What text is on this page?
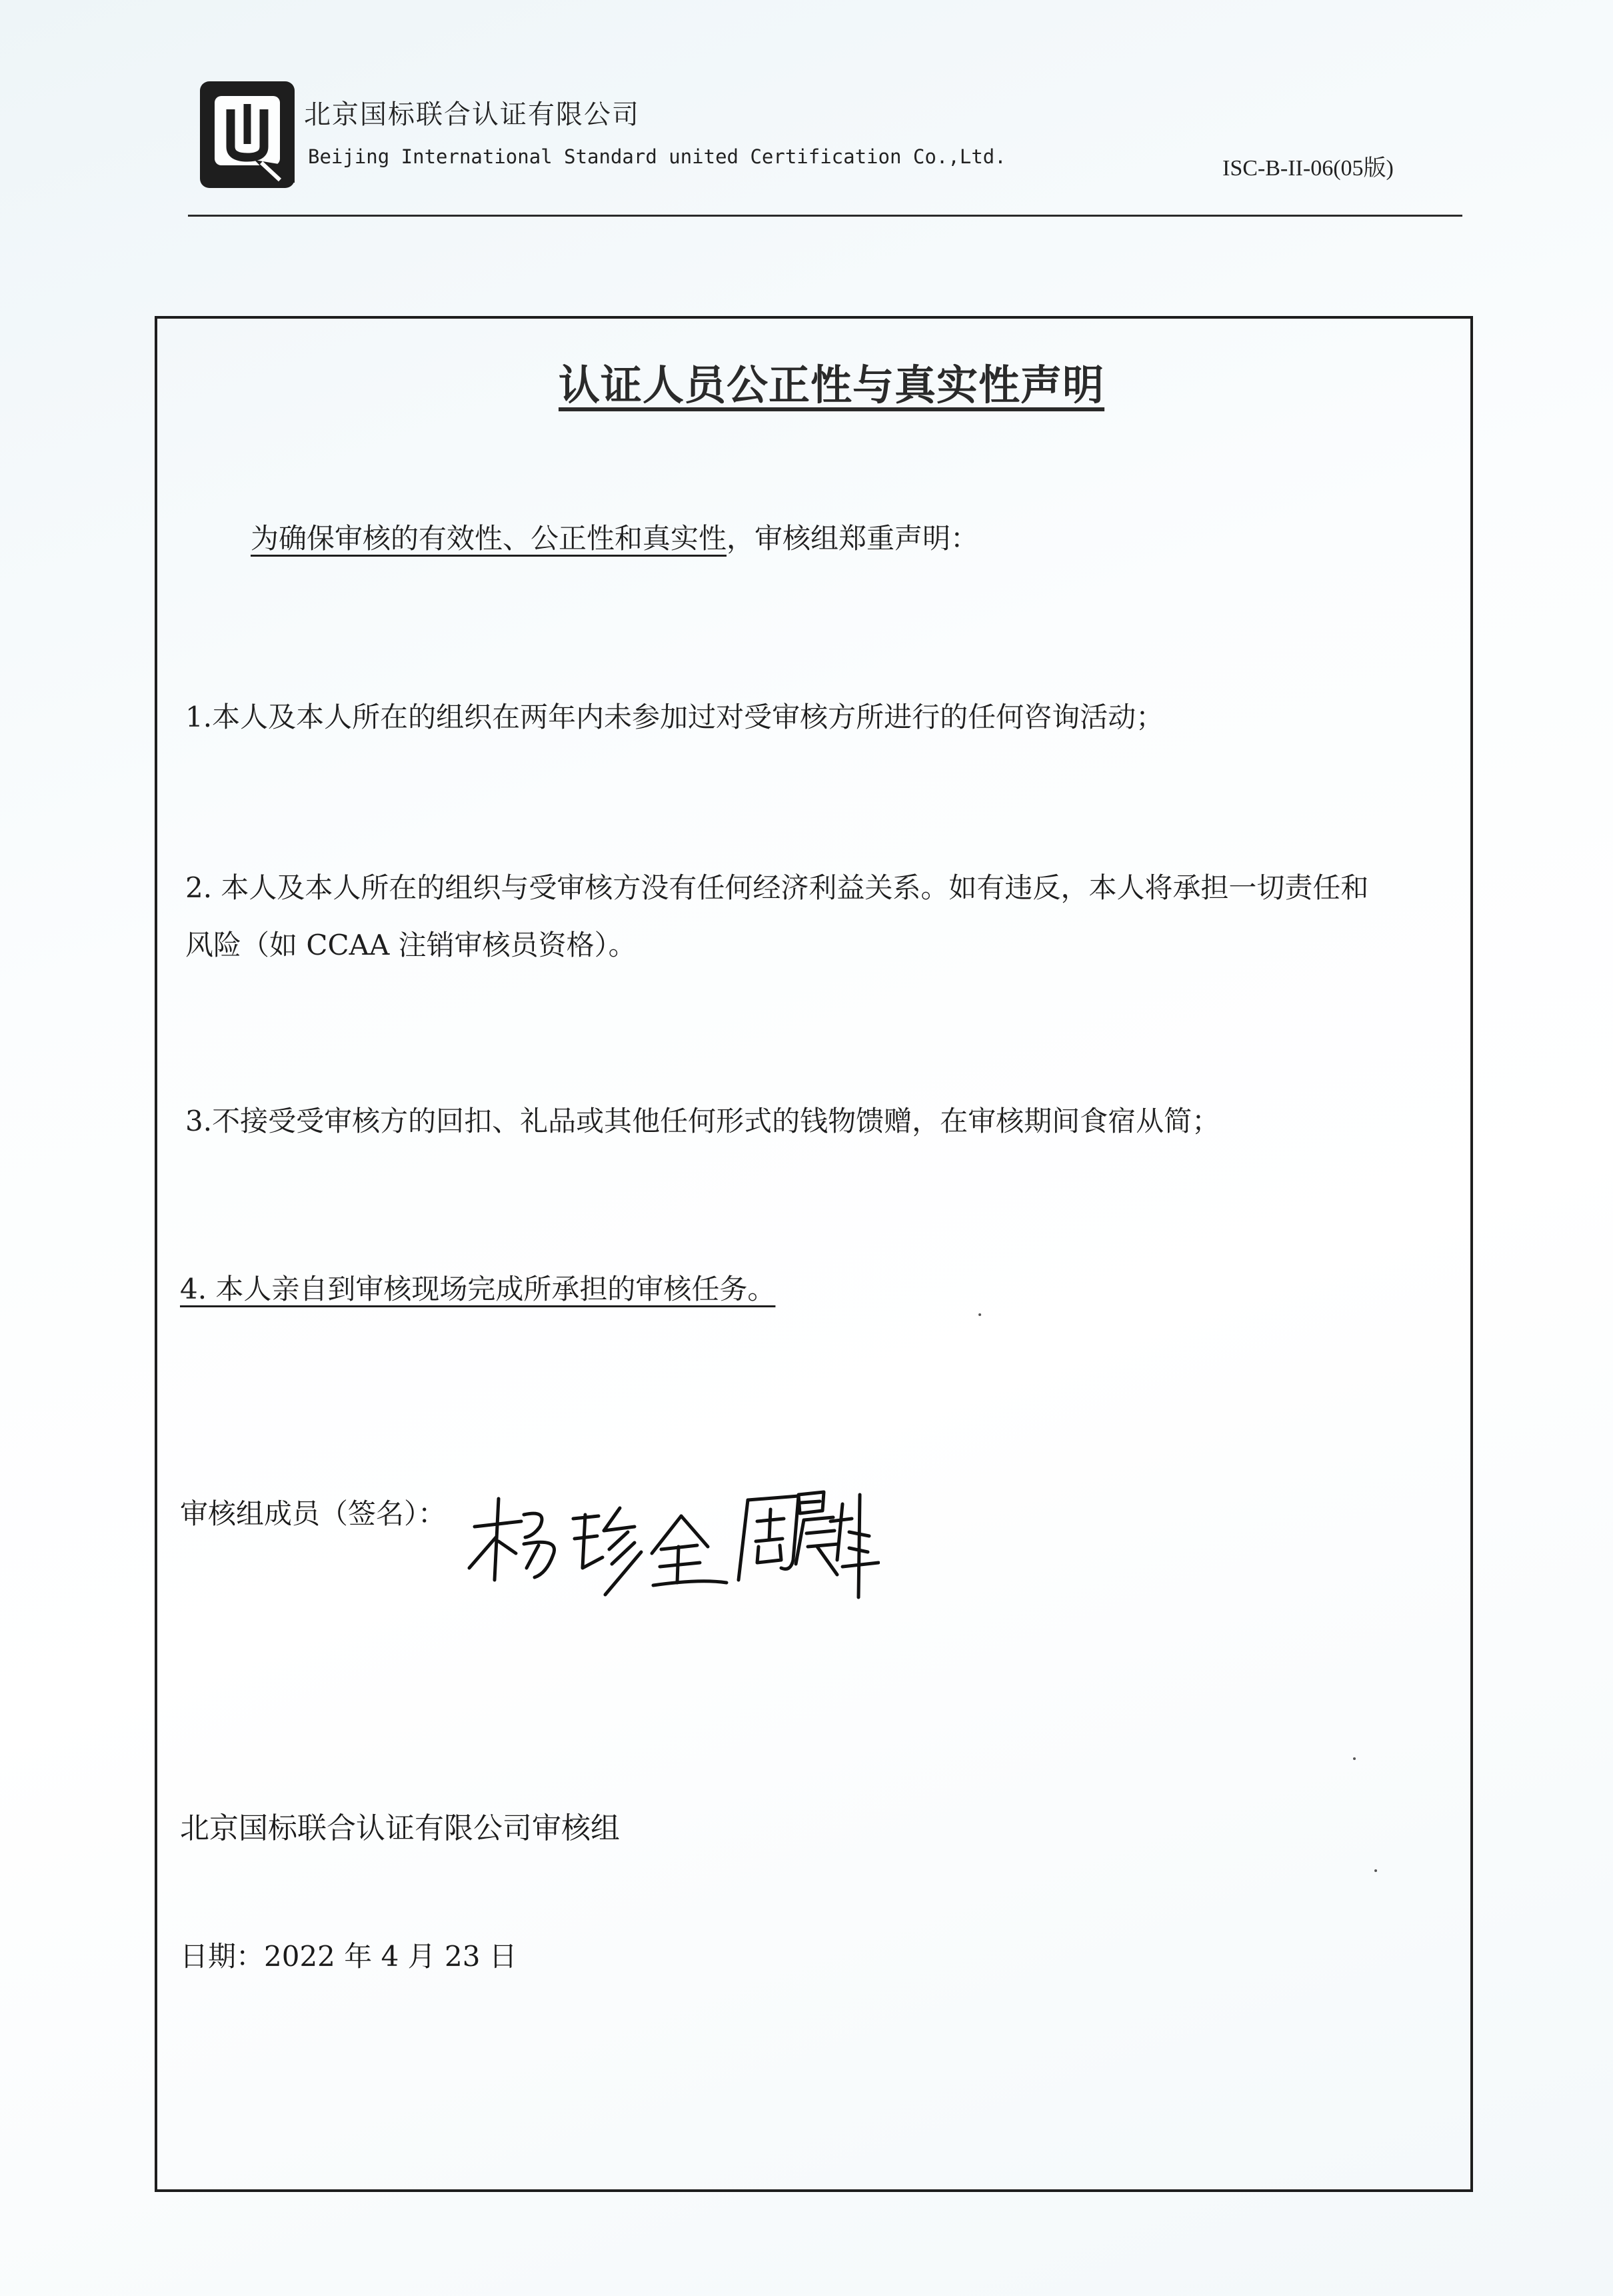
北京国标联合认证有限公司

Beijing International Standard united Certification Co.,Ltd.	ISC-B-II-06(05版)

认证人员公正性与真实性声明

为确保审核的有效性、公正性和真实性，审核组郑重声明：

1.本人及本人所在的组织在两年内未参加过对受审核方所进行的任何咨询活动；

2. 本人及本人所在的组织与受审核方没有任何经济利益关系。如有违反，本人将承担一切责任和

风险（如 CCAA 注销审核员资格）。

3.不接受受审核方的回扣、礼品或其他任何形式的钱物馈赠，在审核期间食宿从简；

4. 本人亲自到审核现场完成所承担的审核任务。

审核组成员（签名）：

北京国标联合认证有限公司审核组

日期：2022 年 4 月 23 日
